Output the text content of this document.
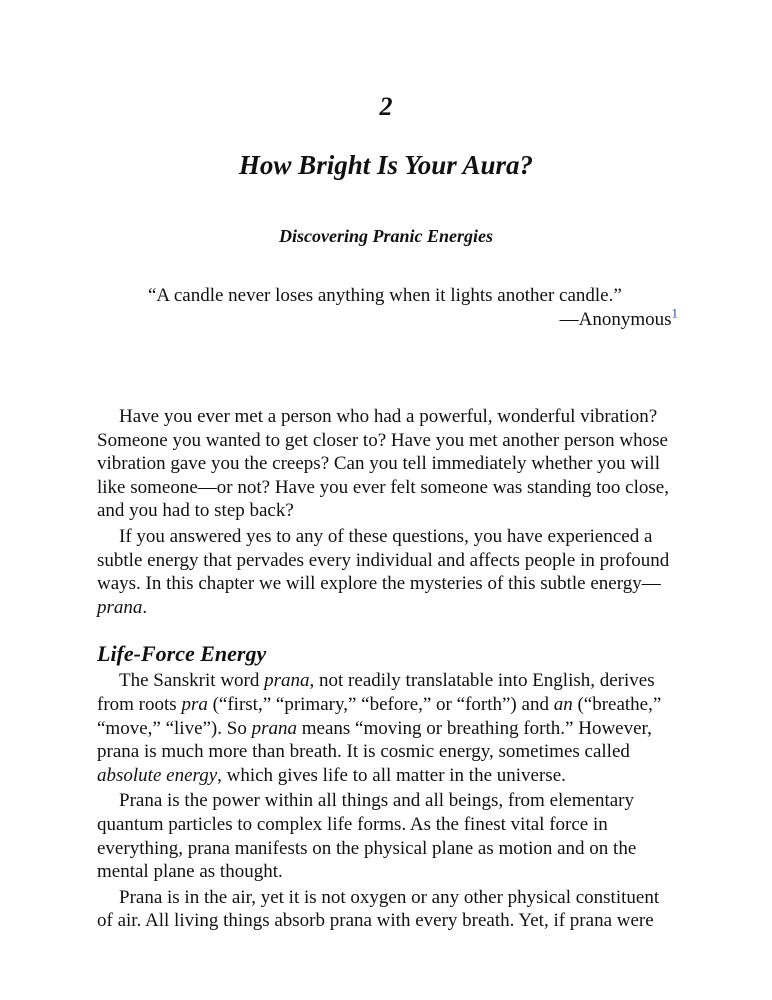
2
How Bright Is Your Aura?
Discovering Pranic Energies
“A candle never loses anything when it lights another candle.”
—Anonymous$^1$

Have you ever met a person who had a powerful, wonderful vibration?
Someone you wanted to get closer to? Have you met another person whose
vibration gave you the creeps? Can you tell immediately whether you will
like someone—or not? Have you ever felt someone was standing too close,
and you had to step back?

If you answered yes to any of these questions, you have experienced a
subtle energy that pervades every individual and affects people in profound
ways. In this chapter we will explore the mysteries of this subtle energy—
prana.

Life-Force Energy

The Sanskrit word prana, not readily translatable into English, derives
from roots pra (“first,” “primary,” “before,” or “forth”) and an (“breathe,”
“move,” “live”). So prana means “moving or breathing forth.” However,
prana is much more than breath. It is cosmic energy, sometimes called
absolute energy, which gives life to all matter in the universe.

Prana is the power within all things and all beings, from elementary
quantum particles to complex life forms. As the finest vital force in
everything, prana manifests on the physical plane as motion and on the
mental plane as thought.

Prana is in the air, yet it is not oxygen or any other physical constituent
of air. All living things absorb prana with every breath. Yet, if prana were
